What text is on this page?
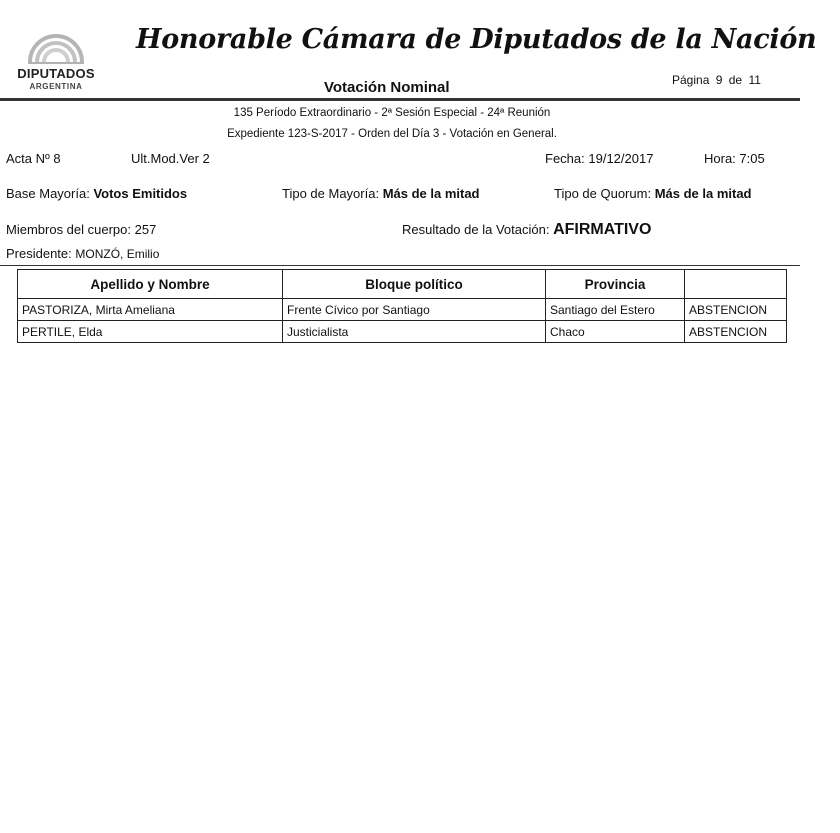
DIPUTADOS
ARGENTINA
Honorable Cámara de Diputados de la Nación
Votación Nominal	Página 9 de 11
135 Período Extraordinario - 2ª Sesión Especial - 24ª Reunión
Expediente 123-S-2017 - Orden del Día 3 - Votación en General.
Acta Nº 8	Ult.Mod.Ver 2	Fecha: 19/12/2017	Hora: 7:05
Base Mayoría: Votos Emitidos	Tipo de Mayoría: Más de la mitad	Tipo de Quorum: Más de la mitad
Miembros del cuerpo: 257	Resultado de la Votación: AFIRMATIVO
Presidente: MONZÓ, Emilio
Apellido y Nombre	Bloque político	Provincia	
PASTORIZA, Mirta Ameliana	Frente Cívico por Santiago	Santiago del Estero	ABSTENCION
PERTILE, Elda	Justicialista	Chaco	ABSTENCION
